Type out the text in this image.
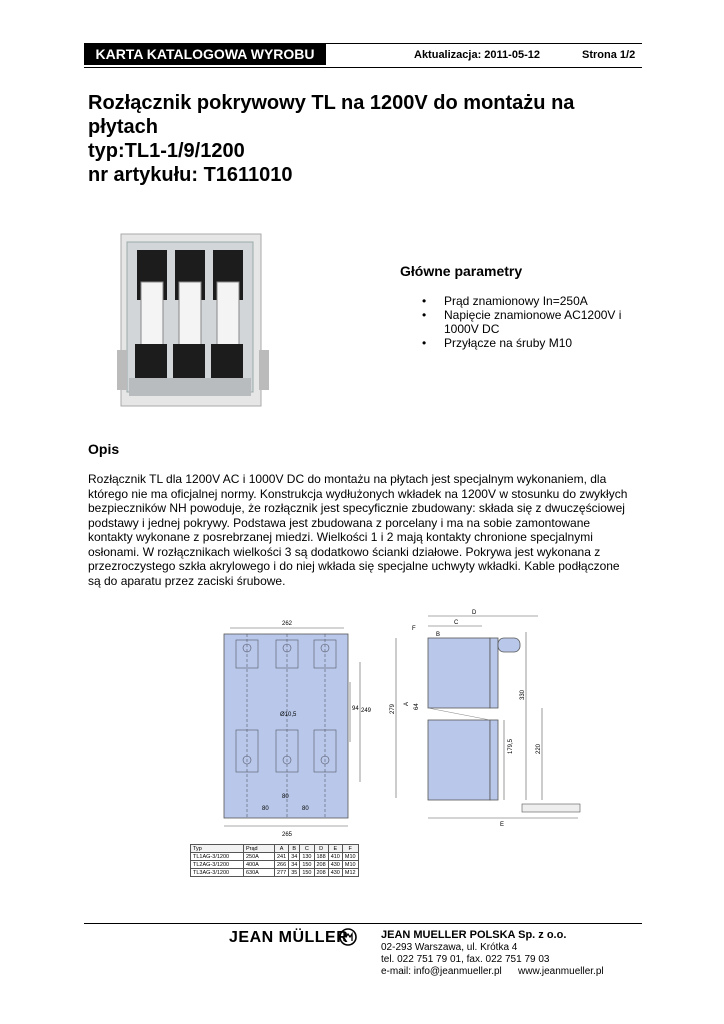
KARTA KATALOGOWA WYROBU	Aktualizacja: 2011-05-12	Strona 1/2
Rozłącznik pokrywowy TL na 1200V do montażu na
płytach
typ:TL1-1/9/1200
nr artykułu: T1611010
Główne parametry
• Prąd znamionowy In=250A
• Napięcie znamionowe AC1200V i
1000V DC
• Przyłącze na śruby M10
Opis
Rozłącznik TL dla 1200V AC i 1000V DC do montażu na płytach jest specjalnym wykonaniem, dla
którego nie ma oficjalnej normy. Konstrukcja wydłużonych wkładek na 1200V w stosunku do zwykłych
bezpieczników NH powoduje, że rozłącznik jest specyficznie zbudowany: składa się z dwuczęściowej
podstawy i jednej pokrywy. Podstawa jest zbudowana z porcelany i ma na sobie zamontowane
kontakty wykonane z posrebrzanej miedzi. Wielkości 1 i 2 mają kontakty chronione specjalnymi
osłonami. W rozłącznikach wielkości 3 są dodatkowo ścianki działowe. Pokrywa jest wykonana z
przezroczystego szkła akrylowego i do niej wkłada się specjalne uchwyty wkładki. Kable podłączone
są do aparatu przez zaciski śrubowe.
262
Ø10,5
94 249
80
80	80
265
D
C
F
B
279 A 64
330
179,5	220
E
Typ	Prąd	A	B	C	D	E	F
TL1AG-3/1200	250A	241	34	130	188	410	M10
TL2AG-3/1200	400A	266	34	150	208	430	M10
TL3AG-3/1200	630A	277	35	150	208	430	M12
JEAN MÜLLER	JEAN MUELLER POLSKA Sp. z o.o.
02-293 Warszawa, ul. Krótka 4
tel. 022 751 79 01, fax. 022 751 79 03
e-mail: info@jeanmueller.pl www.jeanmueller.pl
